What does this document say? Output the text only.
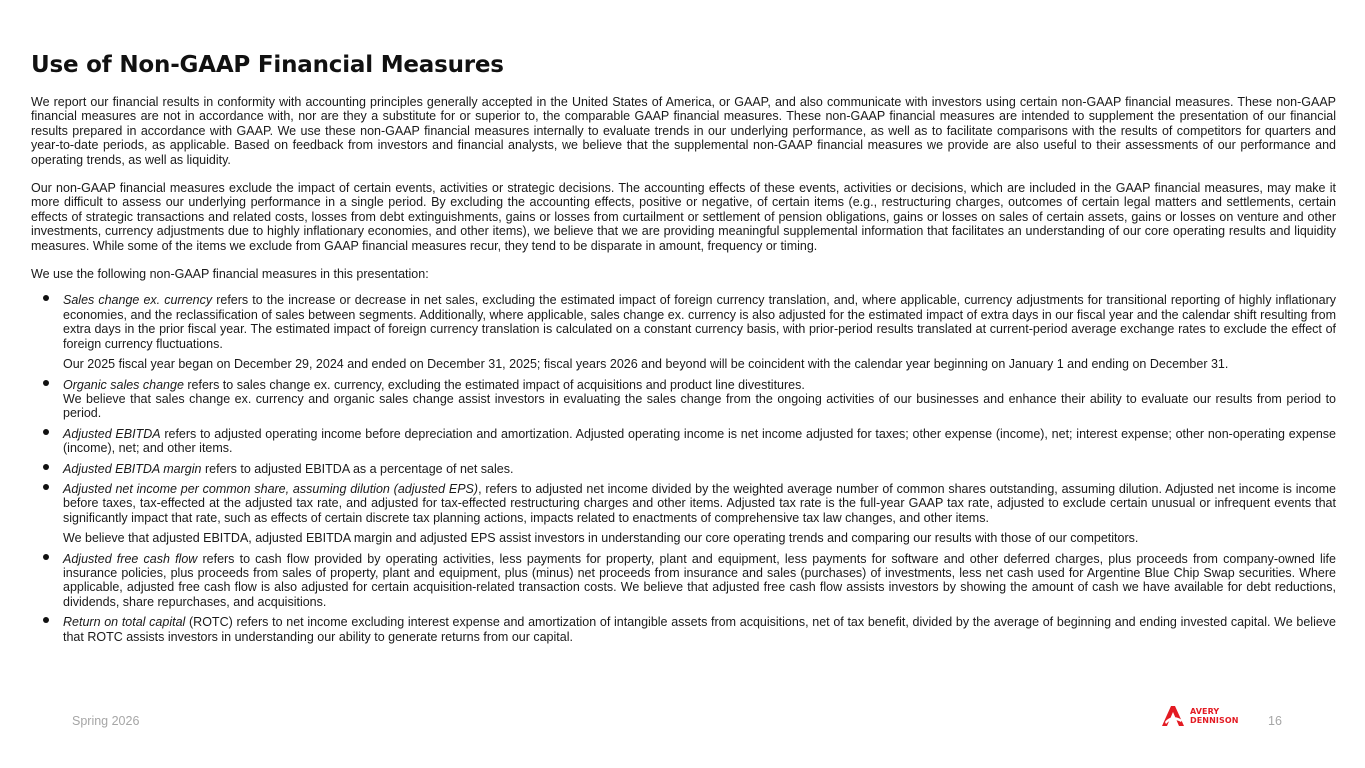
Use of Non-GAAP Financial Measures

We report our financial results in conformity with accounting principles generally accepted in the United States of America, or GAAP, and also communicate with investors using certain non-GAAP financial measures. These non-GAAP financial measures are not in accordance with, nor are they a substitute for or superior to, the comparable GAAP financial measures. These non-GAAP financial measures are intended to supplement the presentation of our financial results prepared in accordance with GAAP. We use these non-GAAP financial measures internally to evaluate trends in our underlying performance, as well as to facilitate comparisons with the results of competitors for quarters and year-to-date periods, as applicable. Based on feedback from investors and financial analysts, we believe that the supplemental non-GAAP financial measures we provide are also useful to their assessments of our performance and operating trends, as well as liquidity.

Our non-GAAP financial measures exclude the impact of certain events, activities or strategic decisions. The accounting effects of these events, activities or decisions, which are included in the GAAP financial measures, may make it more difficult to assess our underlying performance in a single period. By excluding the accounting effects, positive or negative, of certain items (e.g., restructuring charges, outcomes of certain legal matters and settlements, certain effects of strategic transactions and related costs, losses from debt extinguishments, gains or losses from curtailment or settlement of pension obligations, gains or losses on sales of certain assets, gains or losses on venture and other investments, currency adjustments due to highly inflationary economies, and other items), we believe that we are providing meaningful supplemental information that facilitates an understanding of our core operating results and liquidity measures. While some of the items we exclude from GAAP financial measures recur, they tend to be disparate in amount, frequency or timing.

We use the following non-GAAP financial measures in this presentation:

Sales change ex. currency refers to the increase or decrease in net sales, excluding the estimated impact of foreign currency translation, and, where applicable, currency adjustments for transitional reporting of highly inflationary economies, and the reclassification of sales between segments. Additionally, where applicable, sales change ex. currency is also adjusted for the estimated impact of extra days in our fiscal year and the calendar shift resulting from extra days in the prior fiscal year. The estimated impact of foreign currency translation is calculated on a constant currency basis, with prior-period results translated at current-period average exchange rates to exclude the effect of foreign currency fluctuations.
Our 2025 fiscal year began on December 29, 2024 and ended on December 31, 2025; fiscal years 2026 and beyond will be coincident with the calendar year beginning on January 1 and ending on December 31.
Organic sales change refers to sales change ex. currency, excluding the estimated impact of acquisitions and product line divestitures.
We believe that sales change ex. currency and organic sales change assist investors in evaluating the sales change from the ongoing activities of our businesses and enhance their ability to evaluate our results from period to period.
Adjusted EBITDA refers to adjusted operating income before depreciation and amortization. Adjusted operating income is net income adjusted for taxes; other expense (income), net; interest expense; other non-operating expense (income), net; and other items.
Adjusted EBITDA margin refers to adjusted EBITDA as a percentage of net sales.
Adjusted net income per common share, assuming dilution (adjusted EPS), refers to adjusted net income divided by the weighted average number of common shares outstanding, assuming dilution. Adjusted net income is income before taxes, tax-effected at the adjusted tax rate, and adjusted for tax-effected restructuring charges and other items. Adjusted tax rate is the full-year GAAP tax rate, adjusted to exclude certain unusual or infrequent events that significantly impact that rate, such as effects of certain discrete tax planning actions, impacts related to enactments of comprehensive tax law changes, and other items.
We believe that adjusted EBITDA, adjusted EBITDA margin and adjusted EPS assist investors in understanding our core operating trends and comparing our results with those of our competitors.
Adjusted free cash flow refers to cash flow provided by operating activities, less payments for property, plant and equipment, less payments for software and other deferred charges, plus proceeds from company-owned life insurance policies, plus proceeds from sales of property, plant and equipment, plus (minus) net proceeds from insurance and sales (purchases) of investments, less net cash used for Argentine Blue Chip Swap securities. Where applicable, adjusted free cash flow is also adjusted for certain acquisition-related transaction costs. We believe that adjusted free cash flow assists investors by showing the amount of cash we have available for debt reductions, dividends, share repurchases, and acquisitions.
Return on total capital (ROTC) refers to net income excluding interest expense and amortization of intangible assets from acquisitions, net of tax benefit, divided by the average of beginning and ending invested capital. We believe that ROTC assists investors in understanding our ability to generate returns from our capital.
Spring 2026
AVERY
DENNISON 16
